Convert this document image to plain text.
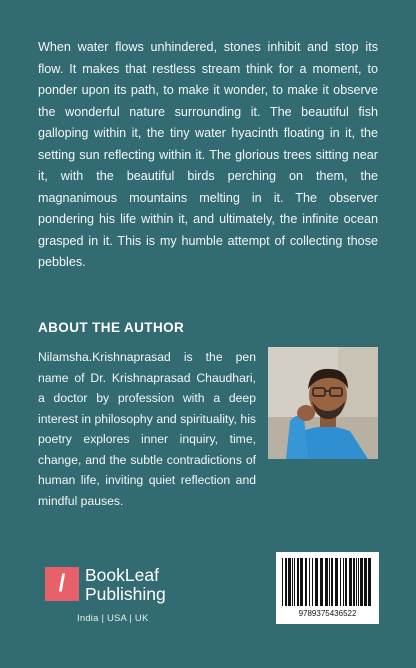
When water flows unhindered, stones inhibit and stop its flow. It makes that restless stream think for a moment, to ponder upon its path, to make it wonder, to make it observe the wonderful nature surrounding it. The beautiful fish galloping within it, the tiny water hyacinth floating in it, the setting sun reflecting within it. The glorious trees sitting near it, with the beautiful birds perching on them, the magnanimous mountains melting in it. The observer pondering his life within it, and ultimately, the infinite ocean grasped in it. This is my humble attempt of collecting those pebbles.
ABOUT THE AUTHOR
Nilamsha.Krishnaprasad is the pen name of Dr. Krishnaprasad Chaudhari, a doctor by profession with a deep interest in philosophy and spirituality, his poetry explores inner inquiry, time, change, and the subtle contradictions of human life, inviting quiet reflection and mindful pauses.
/	BookLeaf
Publishing
India | USA | UK	9789375436522
